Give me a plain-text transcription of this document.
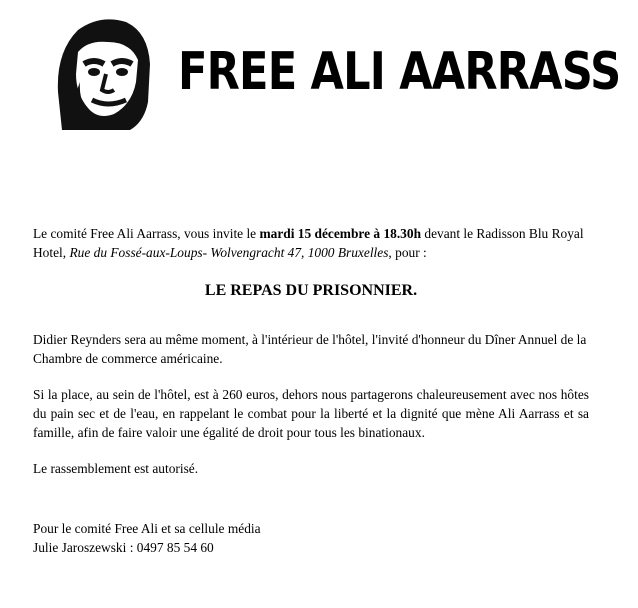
FREE ALI AARRASS

Le comité Free Ali Aarrass, vous invite le mardi 15 décembre à 18.30h devant le Radisson Blu Royal Hotel, Rue du Fossé-aux-Loups- Wolvengracht 47, 1000 Bruxelles, pour :

LE REPAS DU PRISONNIER.

Didier Reynders sera au même moment, à l'intérieur de l'hôtel, l'invité d'honneur du Dîner Annuel de la Chambre de commerce américaine.

Si la place, au sein de l'hôtel, est à 260 euros, dehors nous partagerons chaleureusement avec nos hôtes du pain sec et de l'eau, en rappelant le combat pour la liberté et la dignité que mène Ali Aarrass et sa famille, afin de faire valoir une égalité de droit pour tous les binationaux.

Le rassemblement est autorisé.

Pour le comité Free Ali et sa cellule média
Julie Jaroszewski : 0497 85 54 60
